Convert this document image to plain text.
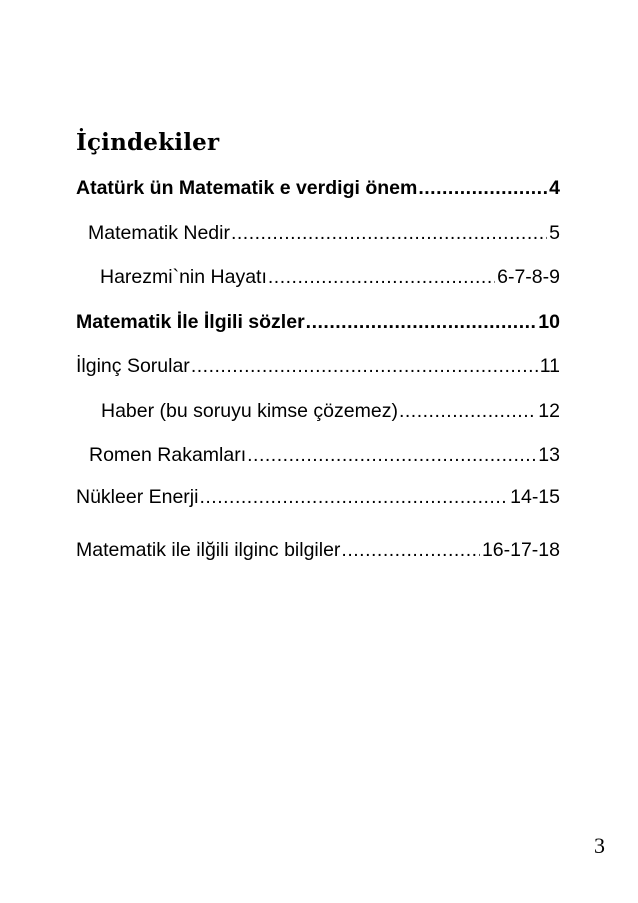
İçindekiler
Atatürk ün Matematik e verdigi önem .....	4
Matematik Nedir .....	5
Harezmi`nin Hayatı .....	6-7-8-9
Matematik İle İlgili sözler .....	10
İlginç Sorular .....	11
Haber (bu soruyu kimse çözemez) .....	12
Romen Rakamları .....	13
Nükleer Enerji .....	14-15
Matematik ile ilğili ilginc bilgiler .....	16-17-18
3
